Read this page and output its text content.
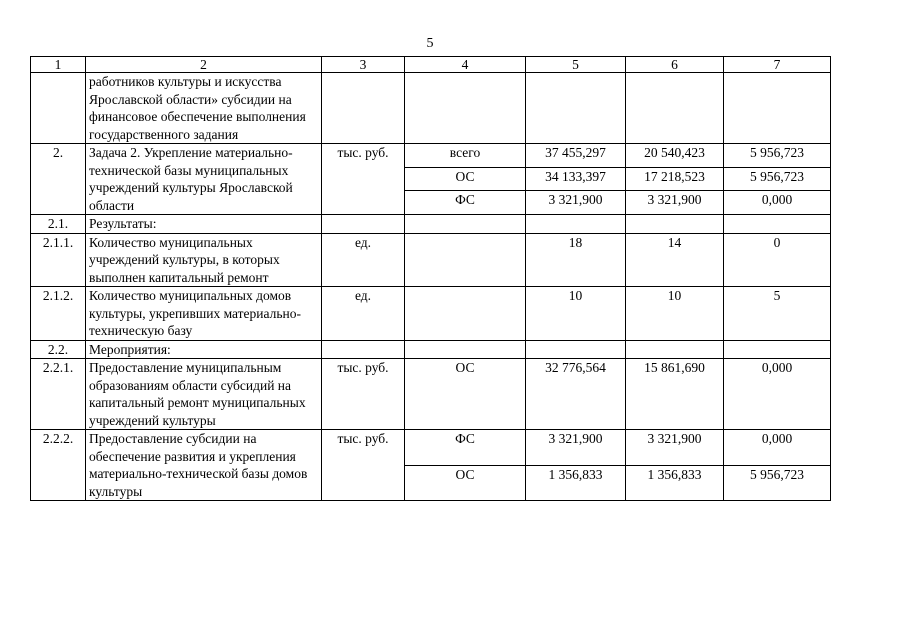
5
1	2	3	4	5	6	7
	работников культуры и искусства Ярославской области» субсидии на финансовое обеспечение выполнения государственного задания					
2.	Задача 2. Укрепление материально-технической базы муниципальных учреждений культуры Ярославской области	тыс. руб.	всего	37 455,297	20 540,423	5 956,723
			ОС	34 133,397	17 218,523	5 956,723
			ФС	3 321,900	3 321,900	0,000
2.1.	Результаты:					
2.1.1.	Количество муниципальных учреждений культуры, в которых выполнен капитальный ремонт	ед.		18	14	0
2.1.2.	Количество муниципальных домов культуры, укрепивших материально-техническую базу	ед.		10	10	5
2.2.	Мероприятия:					
2.2.1.	Предоставление муниципальным образованиям области субсидий на капитальный ремонт муниципальных учреждений культуры	тыс. руб.	ОС	32 776,564	15 861,690	0,000
2.2.2.	Предоставление субсидии на обеспечение развития и укрепления материально-технической базы домов культуры	тыс. руб.	ФС	3 321,900	3 321,900	0,000
			ОС	1 356,833	1 356,833	5 956,723
